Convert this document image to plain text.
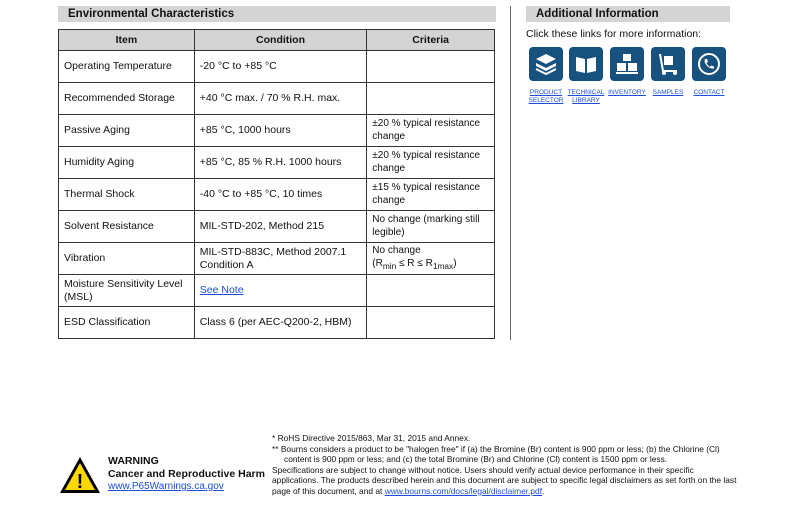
Environmental Characteristics	Additional Information
Item	Condition	Criteria
Operating Temperature	-20 °C to +85 °C	
Recommended Storage	+40 °C max. / 70 % R.H. max.	
Passive Aging	+85 °C, 1000 hours	±20 % typical resistance change
Humidity Aging	+85 °C, 85 % R.H. 1000 hours	±20 % typical resistance change
Thermal Shock	-40 °C to +85 °C, 10 times	±15 % typical resistance change
Solvent Resistance	MIL-STD-202, Method 215	No change (marking still legible)
Vibration	MIL-STD-883C, Method 2007.1 Condition A	No change
$(R_{min} \le R \le R_{1max})$
Moisture Sensitivity Level (MSL)	See Note	
ESD Classification	Class 6 (per AEC-Q200-2, HBM)	
Click these links for more information:
PRODUCT
SELECTOR
TECHNICAL
LIBRARY
INVENTORY	SAMPLES	CONTACT
* RoHS Directive 2015/863, Mar 31, 2015 and Annex.
** Bourns considers a product to be "halogen free" if (a) the Bromine (Br) content is 900 ppm or less; (b) the Chlorine (Cl)
content is 900 ppm or less; and (c) the total Bromine (Br) and Chlorine (Cl) content is 1500 ppm or less.
Specifications are subject to change without notice. Users should verify actual device performance in their specific
applications. The products described herein and this document are subject to specific legal disclaimers as set forth on the last
page of this document, and at www.bourns.com/docs/legal/disclaimer.pdf.
!
WARNING
Cancer and Reproductive Harm
www.P65Warnings.ca.gov
